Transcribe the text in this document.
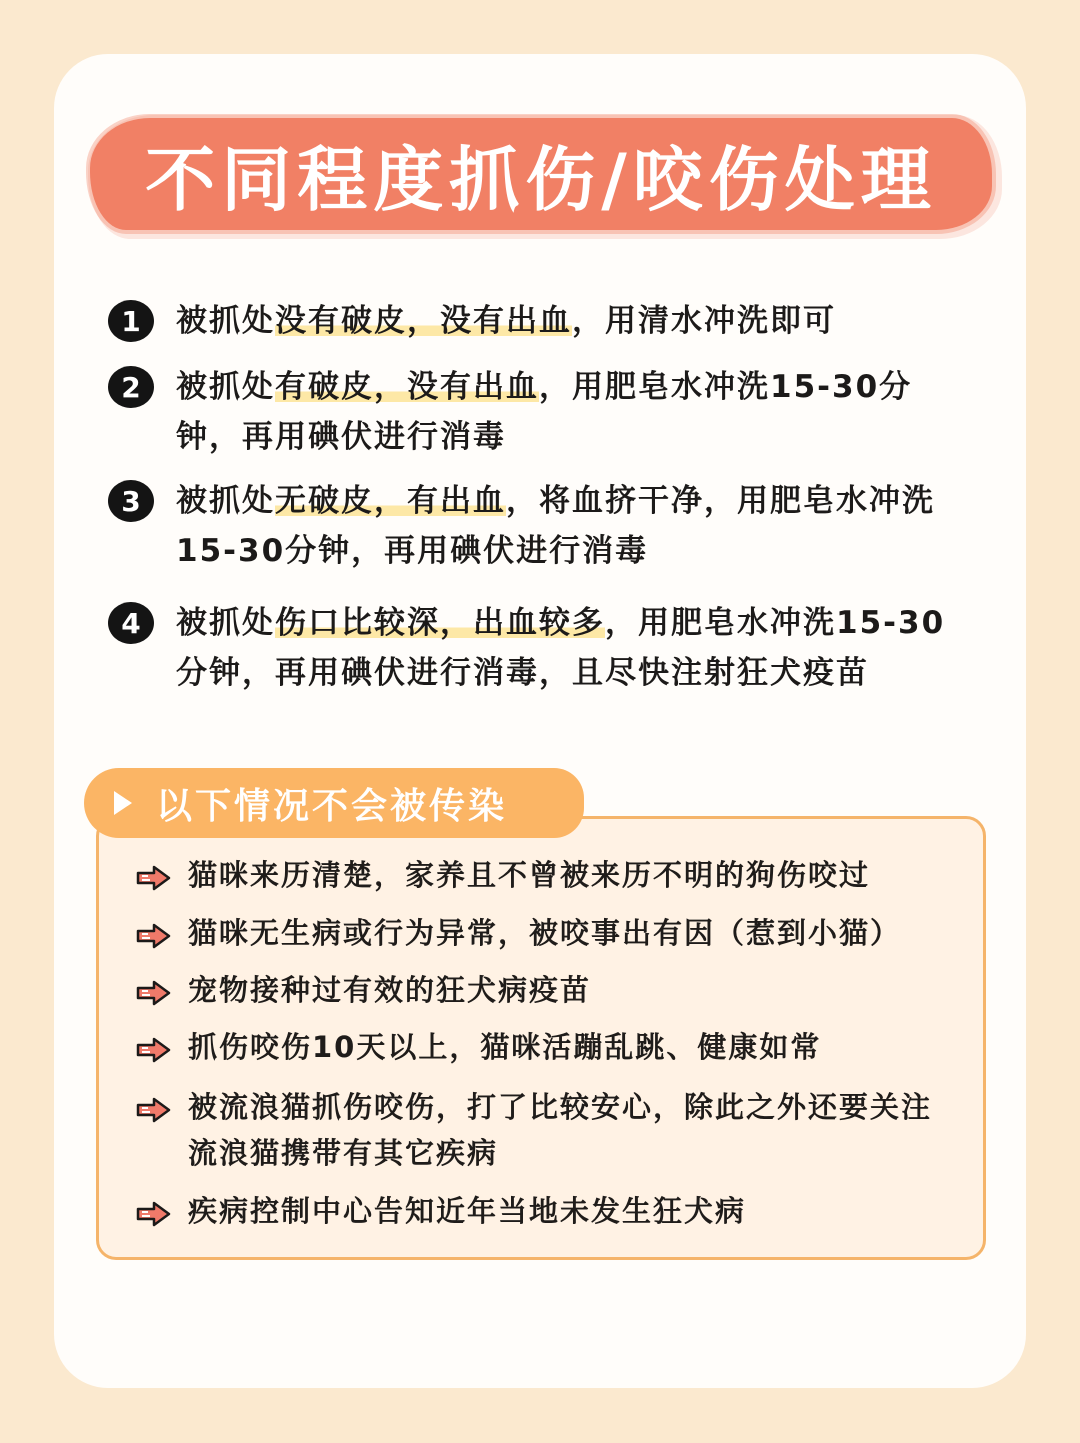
不同程度抓伤/咬伤处理
1	被抓处没有破皮，没有出血，用清水冲洗即可

2	被抓处有破皮，没有出血，用肥皂水冲洗15-30分钟，再用碘伏进行消毒

3	被抓处无破皮，有出血，将血挤干净，用肥皂水冲洗15-30分钟，再用碘伏进行消毒

4	被抓处伤口比较深，出血较多，用肥皂水冲洗15-30分钟，再用碘伏进行消毒，且尽快注射狂犬疫苗

以下情况不会被传染

猫咪来历清楚，家养且不曾被来历不明的狗伤咬过

猫咪无生病或行为异常，被咬事出有因（惹到小猫）

宠物接种过有效的狂犬病疫苗

抓伤咬伤10天以上，猫咪活蹦乱跳、健康如常

被流浪猫抓伤咬伤，打了比较安心，除此之外还要关注流浪猫携带有其它疾病

疾病控制中心告知近年当地未发生狂犬病
